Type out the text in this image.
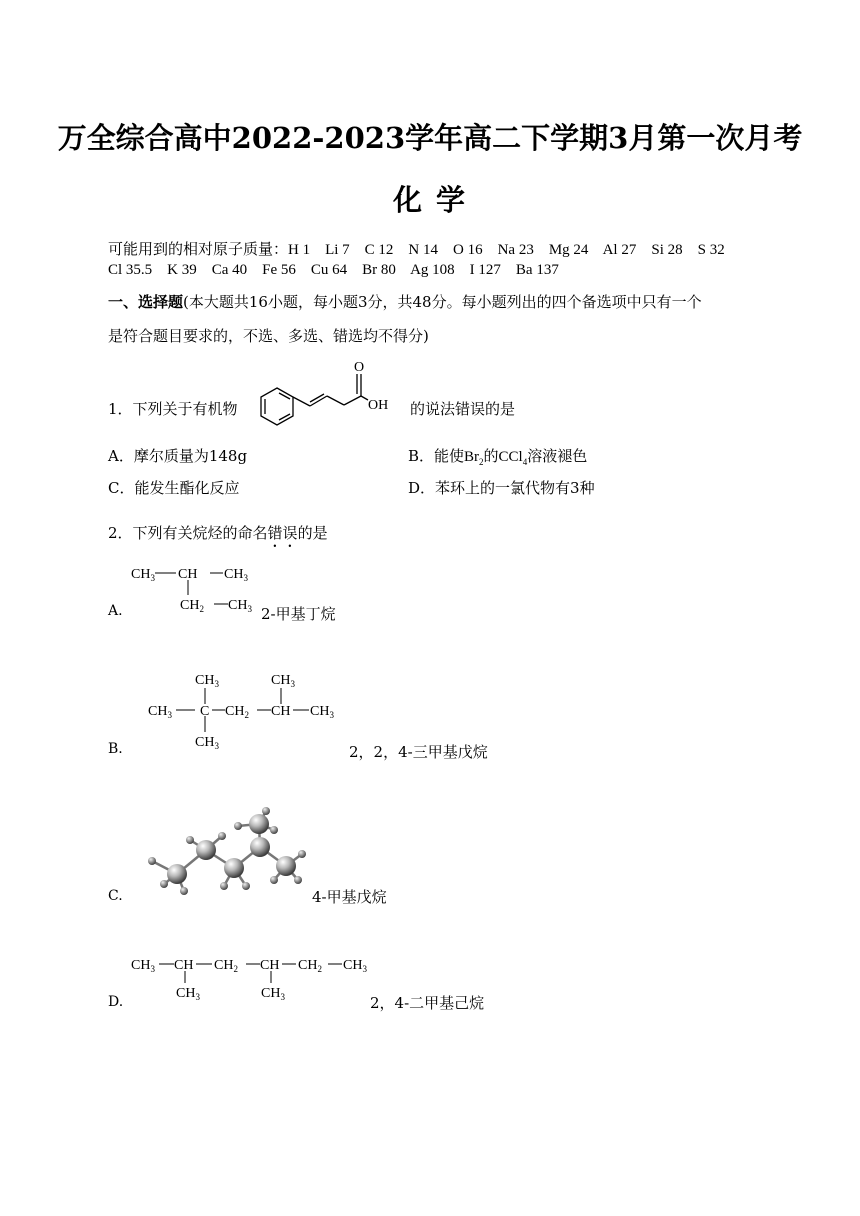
万全综合高中2022-2023学年高二下学期3月第一次月考
化 学
可能用到的相对原子质量：H 1    Li 7    C 12    N 14    O 16    Na 23    Mg 24    Al 27    Si 28    S 32
Cl 35.5    K 39    Ca 40    Fe 56    Cu 64    Br 80    Ag 108    I 127    Ba 137
一、选择题(本大题共16小题，每小题3分，共48分。每小题列出的四个备选项中只有一个
是符合题目要求的，不选、多选、错选均不得分)
1．下列关于有机物
O
OH 的说法错误的是
A．摩尔质量为148g	B．能使$Br_2$的CCl$_4$溶液褪色
C．能发生酯化反应	D．苯环上的一氯代物有3种
2．下列有关烷烃的命名错误的是
$CH_3$ CH $CH_3$
$CH_2$ $CH_3$
A.	2-甲基丁烷
$CH_3$	$CH_3$
$CH_3$ C $CH_2$ CH $CH_3$
$CH_3$
B.	2，2，4-三甲基戊烷
C.	4-甲基戊烷
$CH_3$ CH $CH_2$ CH $CH_2$ $CH_3$
$CH_3$	$CH_3$
D.	2，4-二甲基己烷
